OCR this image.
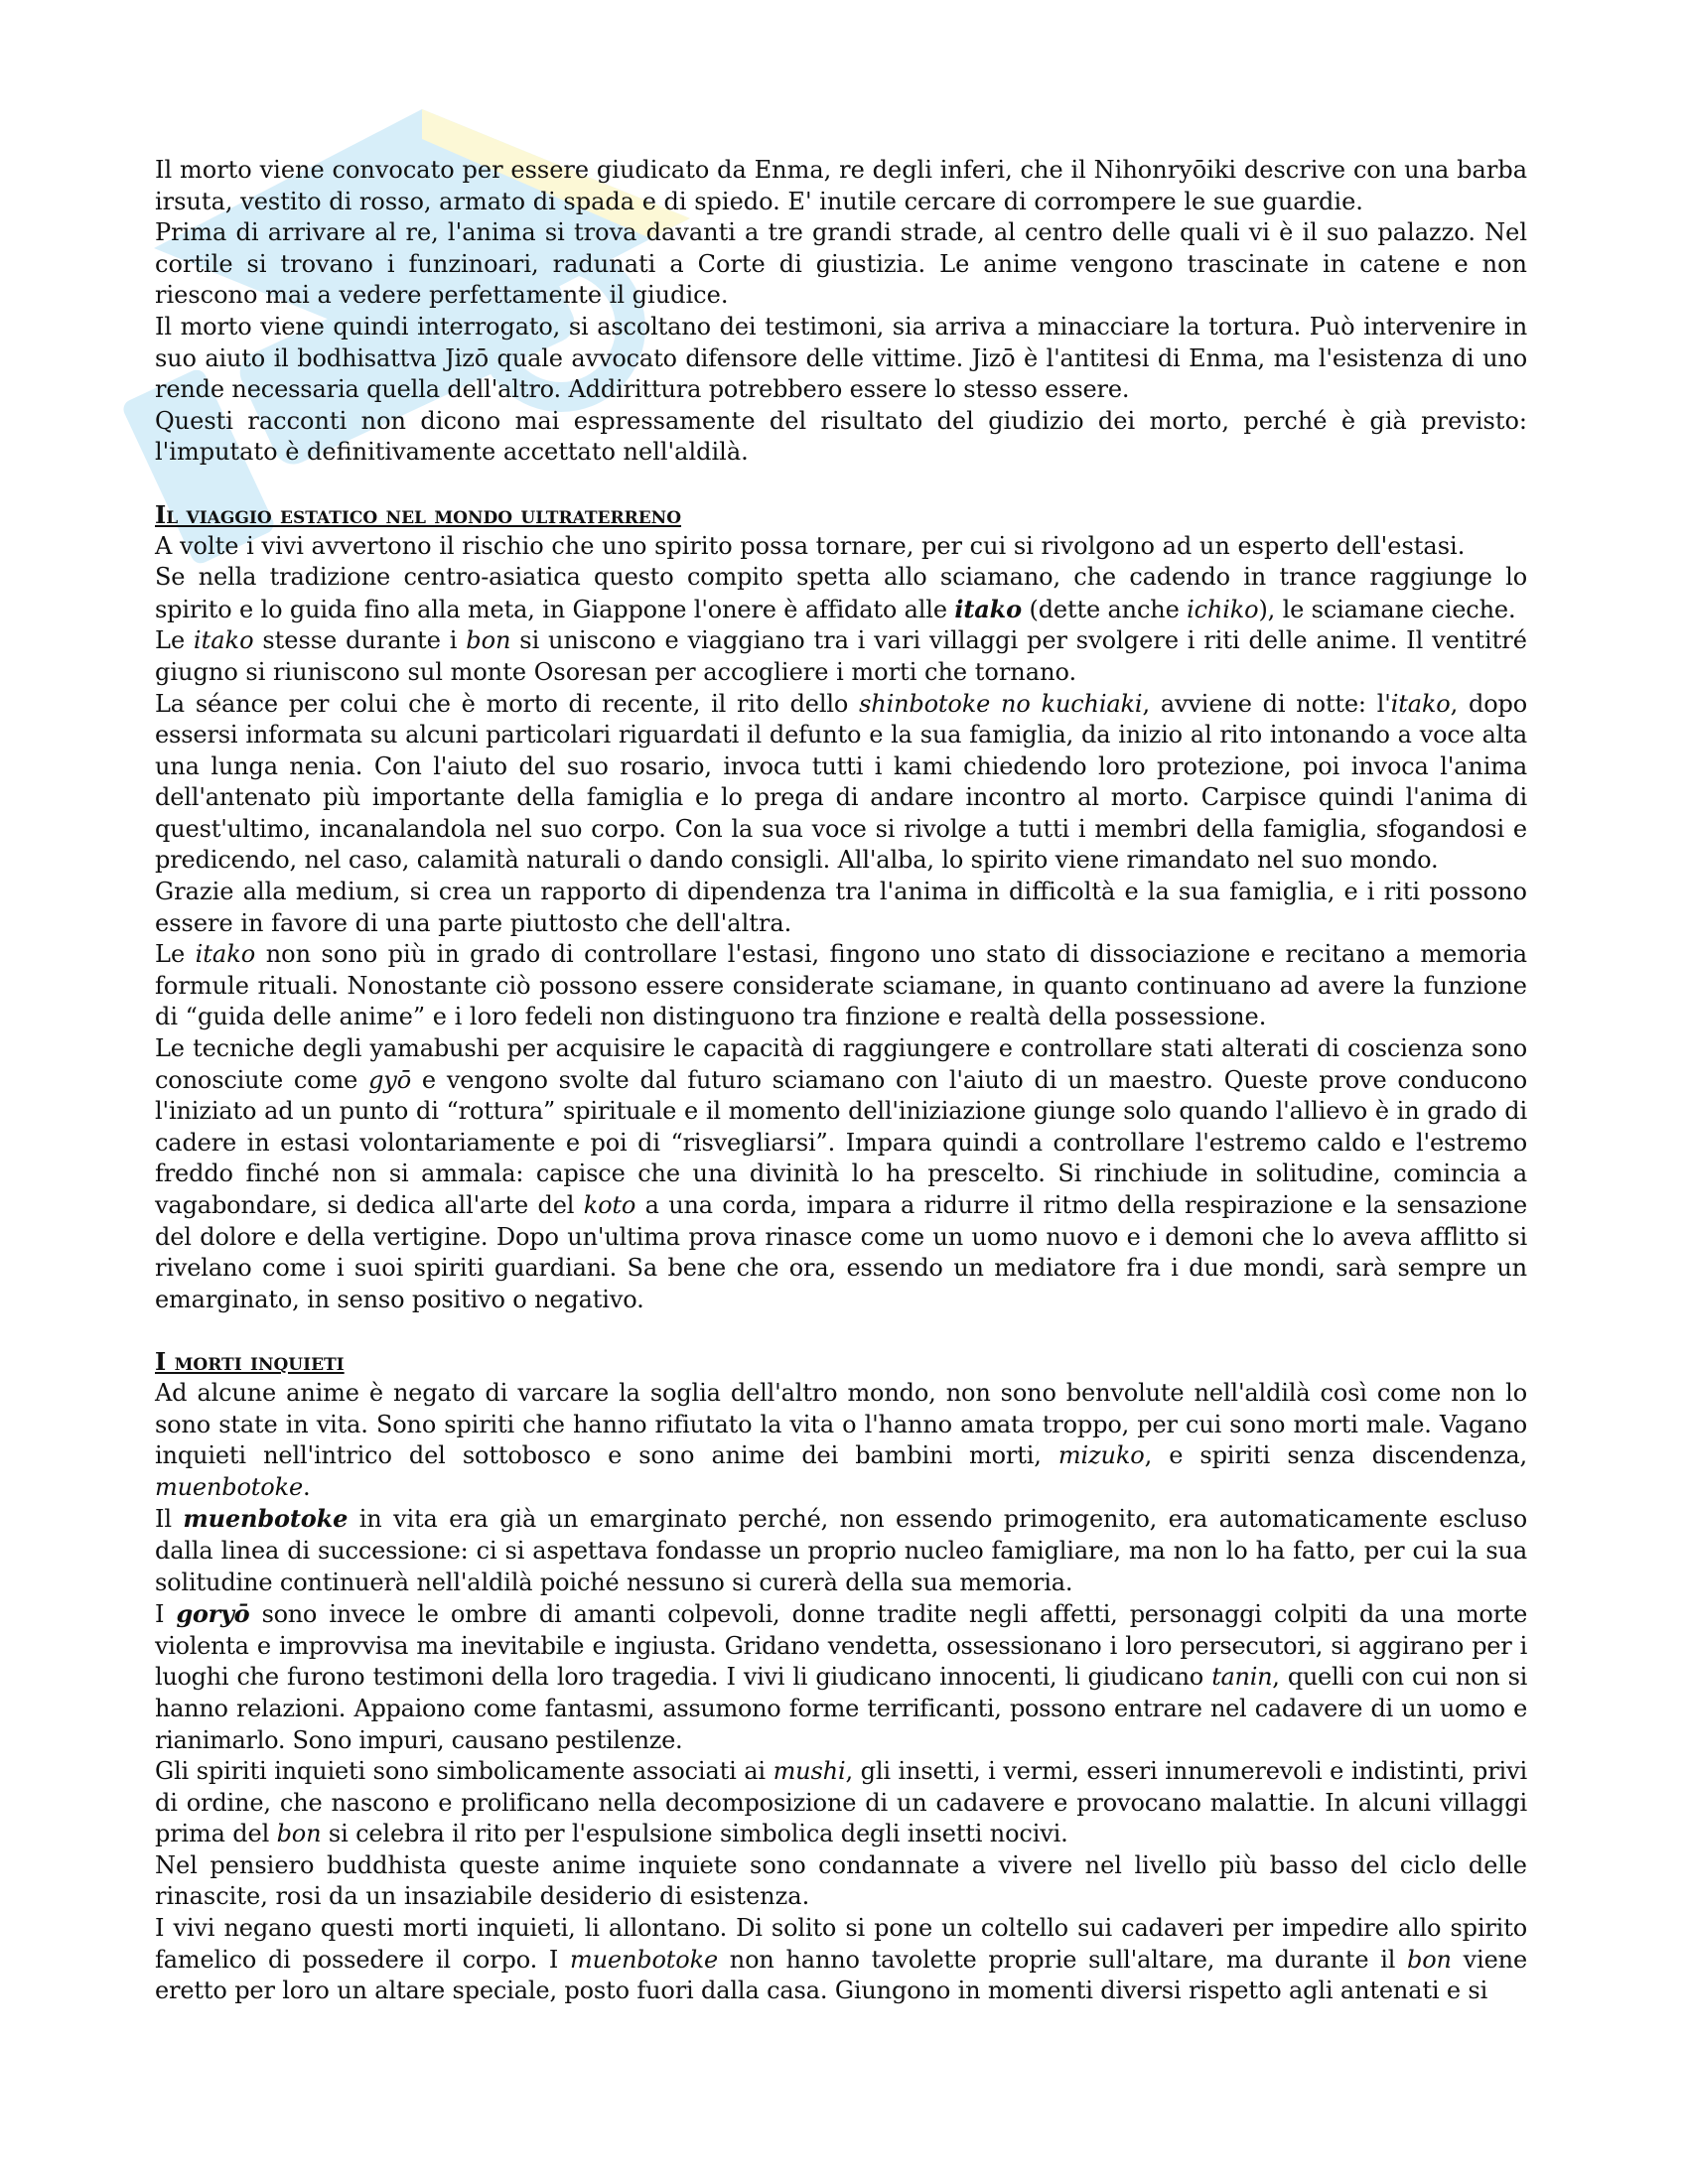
Il morto viene convocato per essere giudicato da Enma, re degli inferi, che il Nihonryōiki descrive con una barba irsuta, vestito di rosso, armato di spada e di spiedo. E' inutile cercare di corrompere le sue guardie.

Prima di arrivare al re, l'anima si trova davanti a tre grandi strade, al centro delle quali vi è il suo palazzo. Nel cortile si trovano i funzinoari, radunati a Corte di giustizia. Le anime vengono trascinate in catene e non riescono mai a vedere perfettamente il giudice.

Il morto viene quindi interrogato, si ascoltano dei testimoni, sia arriva a minacciare la tortura. Può intervenire in suo aiuto il bodhisattva Jizō quale avvocato difensore delle vittime. Jizō è l'antitesi di Enma, ma l'esistenza di uno rende necessaria quella dell'altro. Addirittura potrebbero essere lo stesso essere.

Questi racconti non dicono mai espressamente del risultato del giudizio dei morto, perché è già previsto: l'imputato è definitivamente accettato nell'aldilà.

Il viaggio estatico nel mondo ultraterreno

A volte i vivi avvertono il rischio che uno spirito possa tornare, per cui si rivolgono ad un esperto dell'estasi.

Se nella tradizione centro-asiatica questo compito spetta allo sciamano, che cadendo in trance raggiunge lo spirito e lo guida fino alla meta, in Giappone l'onere è affidato alle itako (dette anche ichiko), le sciamane cieche.

Le itako stesse durante i bon si uniscono e viaggiano tra i vari villaggi per svolgere i riti delle anime. Il ventitré giugno si riuniscono sul monte Osoresan per accogliere i morti che tornano.

La séance per colui che è morto di recente, il rito dello shinbotoke no kuchiaki, avviene di notte: l'itako, dopo essersi informata su alcuni particolari riguardati il defunto e la sua famiglia, da inizio al rito intonando a voce alta una lunga nenia. Con l'aiuto del suo rosario, invoca tutti i kami chiedendo loro protezione, poi invoca l'anima dell'antenato più importante della famiglia e lo prega di andare incontro al morto. Carpisce quindi l'anima di quest'ultimo, incanalandola nel suo corpo. Con la sua voce si rivolge a tutti i membri della famiglia, sfogandosi e predicendo, nel caso, calamità naturali o dando consigli. All'alba, lo spirito viene rimandato nel suo mondo.

Grazie alla medium, si crea un rapporto di dipendenza tra l'anima in difficoltà e la sua famiglia, e i riti possono essere in favore di una parte piuttosto che dell'altra.

Le itako non sono più in grado di controllare l'estasi, fingono uno stato di dissociazione e recitano a memoria formule rituali. Nonostante ciò possono essere considerate sciamane, in quanto continuano ad avere la funzione di “guida delle anime” e i loro fedeli non distinguono tra finzione e realtà della possessione.

Le tecniche degli yamabushi per acquisire le capacità di raggiungere e controllare stati alterati di coscienza sono conosciute come gyō e vengono svolte dal futuro sciamano con l'aiuto di un maestro. Queste prove conducono l'iniziato ad un punto di “rottura” spirituale e il momento dell'iniziazione giunge solo quando l'allievo è in grado di cadere in estasi volontariamente e poi di “risvegliarsi”. Impara quindi a controllare l'estremo caldo e l'estremo freddo finché non si ammala: capisce che una divinità lo ha prescelto. Si rinchiude in solitudine, comincia a vagabondare, si dedica all'arte del koto a una corda, impara a ridurre il ritmo della respirazione e la sensazione del dolore e della vertigine. Dopo un'ultima prova rinasce come un uomo nuovo e i demoni che lo aveva afflitto si rivelano come i suoi spiriti guardiani. Sa bene che ora, essendo un mediatore fra i due mondi, sarà sempre un emarginato, in senso positivo o negativo.

I morti inquieti

Ad alcune anime è negato di varcare la soglia dell'altro mondo, non sono benvolute nell'aldilà così come non lo sono state in vita. Sono spiriti che hanno rifiutato la vita o l'hanno amata troppo, per cui sono morti male. Vagano inquieti nell'intrico del sottobosco e sono anime dei bambini morti, mizuko, e spiriti senza discendenza, muenbotoke.

Il muenbotoke in vita era già un emarginato perché, non essendo primogenito, era automaticamente escluso dalla linea di successione: ci si aspettava fondasse un proprio nucleo famigliare, ma non lo ha fatto, per cui la sua solitudine continuerà nell'aldilà poiché nessuno si curerà della sua memoria.

I goryō sono invece le ombre di amanti colpevoli, donne tradite negli affetti, personaggi colpiti da una morte violenta e improvvisa ma inevitabile e ingiusta. Gridano vendetta, ossessionano i loro persecutori, si aggirano per i luoghi che furono testimoni della loro tragedia. I vivi li giudicano innocenti, li giudicano tanin, quelli con cui non si hanno relazioni. Appaiono come fantasmi, assumono forme terrificanti, possono entrare nel cadavere di un uomo e rianimarlo. Sono impuri, causano pestilenze.

Gli spiriti inquieti sono simbolicamente associati ai mushi, gli insetti, i vermi, esseri innumerevoli e indistinti, privi di ordine, che nascono e prolificano nella decomposizione di un cadavere e provocano malattie. In alcuni villaggi prima del bon si celebra il rito per l'espulsione simbolica degli insetti nocivi.

Nel pensiero buddhista queste anime inquiete sono condannate a vivere nel livello più basso del ciclo delle rinascite, rosi da un insaziabile desiderio di esistenza.

I vivi negano questi morti inquieti, li allontano. Di solito si pone un coltello sui cadaveri per impedire allo spirito famelico di possedere il corpo. I muenbotoke non hanno tavolette proprie sull'altare, ma durante il bon viene eretto per loro un altare speciale, posto fuori dalla casa. Giungono in momenti diversi rispetto agli antenati e si
